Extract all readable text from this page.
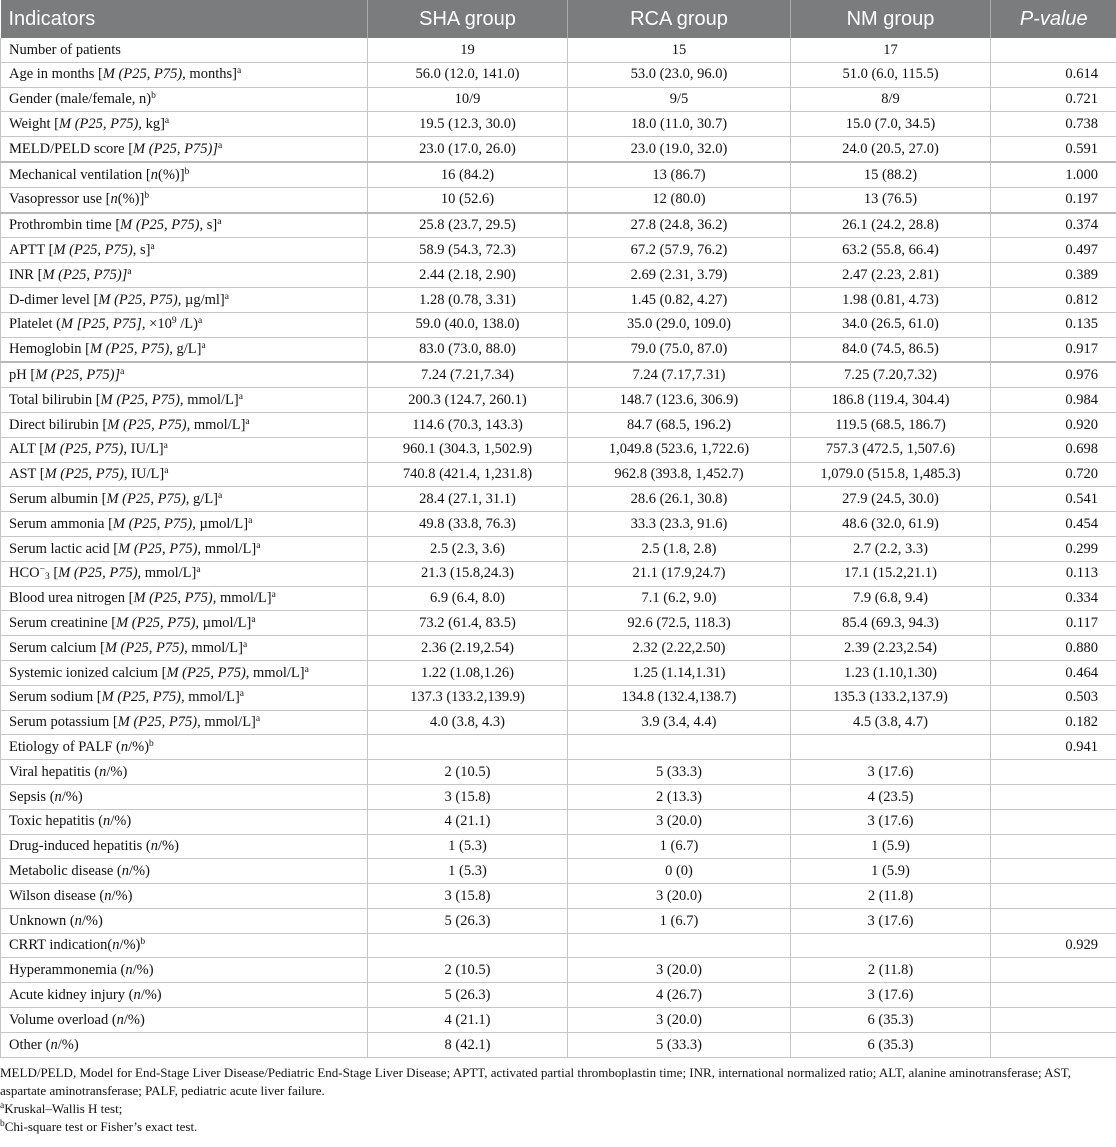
Indicators	SHA group	RCA group	NM group	P-value
Number of patients	19	15	17	
Age in months [M (P25, P75), months]$^a$	56.0 (12.0, 141.0)	53.0 (23.0, 96.0)	51.0 (6.0, 115.5)	0.614
Gender (male/female, n)$^b$	10/9	9/5	8/9	0.721
Weight [M (P25, P75), kg]$^a$	19.5 (12.3, 30.0)	18.0 (11.0, 30.7)	15.0 (7.0, 34.5)	0.738
MELD/PELD score [M (P25, P75)]$^a$	23.0 (17.0, 26.0)	23.0 (19.0, 32.0)	24.0 (20.5, 27.0)	0.591
Mechanical ventilation $[n(\%)]^b$	16 (84.2)	13 (86.7)	15 (88.2)	1.000
Vasopressor use $[n(\%)]^b$	10 (52.6)	12 (80.0)	13 (76.5)	0.197
Prothrombin time [M (P25, P75), s]$^a$	25.8 (23.7, 29.5)	27.8 (24.8, 36.2)	26.1 (24.2, 28.8)	0.374
APTT [M (P25, P75), s]$^a$	58.9 (54.3, 72.3)	67.2 (57.9, 76.2)	63.2 (55.8, 66.4)	0.497
INR [M (P25, P75)]$^a$	2.44 (2.18, 2.90)	2.69 (2.31, 3.79)	2.47 (2.23, 2.81)	0.389
D-dimer level [M (P25, P75), µg/ml]$^a$	1.28 (0.78, 3.31)	1.45 (0.82, 4.27)	1.98 (0.81, 4.73)	0.812
Platelet (M [P25, P75], $\times 10^9$ /L)$^a$	59.0 (40.0, 138.0)	35.0 (29.0, 109.0)	34.0 (26.5, 61.0)	0.135
Hemoglobin [M (P25, P75), g/L]$^a$	83.0 (73.0, 88.0)	79.0 (75.0, 87.0)	84.0 (74.5, 86.5)	0.917
pH [M (P25, P75)]$^a$	7.24 (7.21,7.34)	7.24 (7.17,7.31)	7.25 (7.20,7.32)	0.976
Total bilirubin [M (P25, P75), mmol/L]$^a$	200.3 (124.7, 260.1)	148.7 (123.6, 306.9)	186.8 (119.4, 304.4)	0.984
Direct bilirubin [M (P25, P75), mmol/L]$^a$	114.6 (70.3, 143.3)	84.7 (68.5, 196.2)	119.5 (68.5, 186.7)	0.920
ALT [M (P25, P75), IU/L]$^a$	960.1 (304.3, 1,502.9)	1,049.8 (523.6, 1,722.6)	757.3 (472.5, 1,507.6)	0.698
AST [M (P25, P75), IU/L]$^a$	740.8 (421.4, 1,231.8)	962.8 (393.8, 1,452.7)	1,079.0 (515.8, 1,485.3)	0.720
Serum albumin [M (P25, P75), g/L]$^a$	28.4 (27.1, 31.1)	28.6 (26.1, 30.8)	27.9 (24.5, 30.0)	0.541
Serum ammonia [M (P25, P75), µmol/L]$^a$	49.8 (33.8, 76.3)	33.3 (23.3, 91.6)	48.6 (32.0, 61.9)	0.454
Serum lactic acid [M (P25, P75), mmol/L]$^a$	2.5 (2.3, 3.6)	2.5 (1.8, 2.8)	2.7 (2.2, 3.3)	0.299
$HCO^-_3$ [M (P25, P75), mmol/L]$^a$	21.3 (15.8,24.3)	21.1 (17.9,24.7)	17.1 (15.2,21.1)	0.113
Blood urea nitrogen [M (P25, P75), mmol/L]$^a$	6.9 (6.4, 8.0)	7.1 (6.2, 9.0)	7.9 (6.8, 9.4)	0.334
Serum creatinine [M (P25, P75), µmol/L]$^a$	73.2 (61.4, 83.5)	92.6 (72.5, 118.3)	85.4 (69.3, 94.3)	0.117
Serum calcium [M (P25, P75), mmol/L]$^a$	2.36 (2.19,2.54)	2.32 (2.22,2.50)	2.39 (2.23,2.54)	0.880
Systemic ionized calcium [M (P25, P75), mmol/L]$^a$	1.22 (1.08,1.26)	1.25 (1.14,1.31)	1.23 (1.10,1.30)	0.464
Serum sodium [M (P25, P75), mmol/L]$^a$	137.3 (133.2,139.9)	134.8 (132.4,138.7)	135.3 (133.2,137.9)	0.503
Serum potassium [M (P25, P75), mmol/L]$^a$	4.0 (3.8, 4.3)	3.9 (3.4, 4.4)	4.5 (3.8, 4.7)	0.182
Etiology of PALF $(n/\%)^b$				0.941
Viral hepatitis (n/%)	2 (10.5)	5 (33.3)	3 (17.6)	
Sepsis (n/%)	3 (15.8)	2 (13.3)	4 (23.5)	
Toxic hepatitis (n/%)	4 (21.1)	3 (20.0)	3 (17.6)	
Drug-induced hepatitis (n/%)	1 (5.3)	1 (6.7)	1 (5.9)	
Metabolic disease (n/%)	1 (5.3)	0 (0)	1 (5.9)	
Wilson disease (n/%)	3 (15.8)	3 (20.0)	2 (11.8)	
Unknown (n/%)	5 (26.3)	1 (6.7)	3 (17.6)	
CRRT $indication(n/\%)^b$				0.929
Hyperammonemia (n/%)	2 (10.5)	3 (20.0)	2 (11.8)	
Acute kidney injury (n/%)	5 (26.3)	4 (26.7)	3 (17.6)	
Volume overload (n/%)	4 (21.1)	3 (20.0)	6 (35.3)	
Other (n/%)	8 (42.1)	5 (33.3)	6 (35.3)	

MELD/PELD, Model for End-Stage Liver Disease/Pediatric End-Stage Liver Disease; APTT, activated partial thromboplastin time; INR, international normalized ratio; ALT, alanine aminotransferase; AST, aspartate aminotransferase; PALF, pediatric acute liver failure.

$^a$Kruskal–Wallis H test;

$^b$Chi-square test or Fisher’s exact test.
